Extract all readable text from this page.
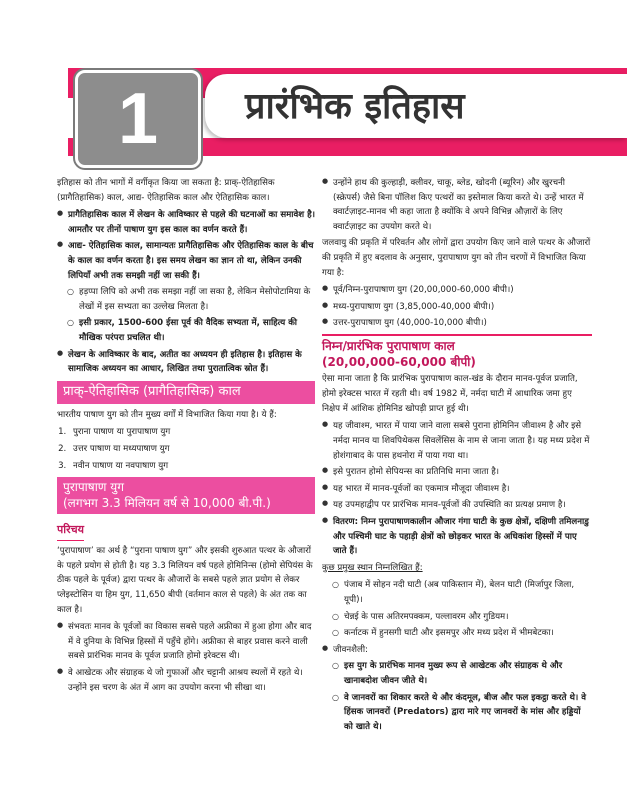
1	प्रारंभिक इतिहास

इतिहास को तीन भागों में वर्गीकृत किया जा सकता है: प्राक्-ऐतिहासिक (प्रागैतिहासिक) काल, आद्य- ऐतिहासिक काल और ऐतिहासिक काल।

● प्रागैतिहासिक काल में लेखन के आविष्कार से पहले की घटनाओं का समावेश है। आमतौर पर तीनों पाषाण युग इस काल का वर्णन करते हैं।
● आद्य- ऐतिहासिक काल, सामान्यतः प्रागैतिहासिक और ऐतिहासिक काल के बीच के काल का वर्णन करता है। इस समय लेखन का ज्ञान तो था, लेकिन उनकी लिपियाँ अभी तक समझी नहीं जा सकी हैं।
○ हड़प्पा लिपि को अभी तक समझा नहीं जा सका है, लेकिन मेसोपोटामिया के लेखों में इस सभ्यता का उल्लेख मिलता है।
○ इसी प्रकार, 1500-600 ईसा पूर्व की वैदिक सभ्यता में, साहित्य की मौखिक परंपरा प्रचलित थी।
● लेखन के आविष्कार के बाद, अतीत का अध्ययन ही इतिहास है। इतिहास के सामाजिक अध्ययन का आधार, लिखित तथा पुरातात्विक स्रोत हैं।
प्राक्-ऐतिहासिक (प्रागैतिहासिक) काल

भारतीय पाषाण युग को तीन मुख्य वर्गों में विभाजित किया गया है। ये हैं:

1. पुराना पाषाण या पुरापाषाण युग
2. उत्तर पाषाण या मध्यपाषाण युग
3. नवीन पाषाण या नवपाषाण युग
पुरापाषाण युग
(लगभग 3.3 मिलियन वर्ष से 10,000 बी.पी.)
परिचय

‘पुरापाषाण’ का अर्थ है “पुराना पाषाण युग” और इसकी शुरुआत पत्थर के औजारों के पहले प्रयोग से होती है। यह 3.3 मिलियन वर्ष पहले होमिनिन्स (होमो सेपियंस के ठीक पहले के पूर्वज) द्वारा पत्थर के औजारों के सबसे पहले ज्ञात प्रयोग से लेकर प्लेइस्टोसिन या हिम युग, 11,650 बीपी (वर्तमान काल से पहले) के अंत तक का काल है।

● संभवतः मानव के पूर्वजों का विकास सबसे पहले अफ्रीका में हुआ होगा और बाद में वे दुनिया के विभिन्न हिस्सों में पहुँचे होंगे। अफ्रीका से बाहर प्रवास करने वाली सबसे प्रारंभिक मानव के पूर्वज प्रजाति होमो इरेक्टस थी।
● वे आखेटक और संग्राहक थे जो गुफाओं और चट्टानी आश्रय स्थलों में रहते थे। उन्होंने इस चरण के अंत में आग का उपयोग करना भी सीखा था।
● उन्होंने हाथ की कुल्हाड़ी, क्लीवर, चाकू, ब्लेड, खोदनी (ब्यूरिन) और खुरचनी (स्क्रेपर्स) जैसे बिना पॉलिश किए पत्थरों का इस्तेमाल किया करते थे। उन्हें भारत में क्वार्टज़ाइट-मानव भी कहा जाता है क्योंकि वे अपने विभिन्न औज़ारों के लिए क्वार्टज़ाइट का उपयोग करते थे।

जलवायु की प्रकृति में परिवर्तन और लोगों द्वारा उपयोग किए जाने वाले पत्थर के औजारों की प्रकृति में हुए बदलाव के अनुसार, पुरापाषाण युग को तीन चरणों में विभाजित किया गया है:

● पूर्व/निम्न-पुरापाषाण युग (20,00,000-60,000 बीपी।)
● मध्य-पुरापाषाण युग (3,85,000-40,000 बीपी।)
● उत्तर-पुरापाषाण युग (40,000-10,000 बीपी।)
निम्न/प्रारंभिक पुरापाषाण काल
(20,00,000-60,000 बीपी)

ऐसा माना जाता है कि प्रारंभिक पुरापाषाण काल-खंड के दौरान मानव-पूर्वज प्रजाति, होमो इरेक्टस भारत में रहती थी। वर्ष 1982 में, नर्मदा घाटी में आधारिक जमा हुए निक्षेप में आंशिक होमिनिड खोपड़ी प्राप्त हुई थी।

● यह जीवाश्म, भारत में पाया जाने वाला सबसे पुराना होमिनिन जीवाश्म है और इसे नर्मदा मानव या शिवपिथेकस सिवलेंसिस के नाम से जाना जाता है। यह मध्य प्रदेश में होशंगाबाद के पास हथनोरा में पाया गया था।
● इसे पुरातन होमो सेपियन्स का प्रतिनिधि माना जाता है।
● यह भारत में मानव-पूर्वजों का एकमात्र मौजूदा जीवाश्म है।
● यह उपमहाद्वीप पर प्रारंभिक मानव-पूर्वजों की उपस्थिति का प्रत्यक्ष प्रमाण है।
● वितरण: निम्न पुरापाषाणकालीन औजार गंगा घाटी के कुछ क्षेत्रों, दक्षिणी तमिलनाडु और पश्चिमी घाट के पहाड़ी क्षेत्रों को छोड़कर भारत के अधिकांश हिस्सों में पाए जाते हैं।

कुछ प्रमुख स्थान निम्नलिखित हैं:

○ पंजाब में सोहन नदी घाटी (अब पाकिस्तान में), बेलन घाटी (मिर्जापुर जिला, यूपी)।
○ चेन्नई के पास अतिरमपक्कम, पल्लावरम और गुडियम।
○ कर्नाटक में हुनसगी घाटी और इसमपुर और मध्य प्रदेश में भीमबेटका।
● जीवनशैली:
○ इस युग के प्रारंभिक मानव मुख्य रूप से आखेटक और संग्राहक थे और खानाबदोश जीवन जीते थे।
○ वे जानवरों का शिकार करते थे और कंदमूल, बीज और फल इकट्ठा करते थे। वे हिंसक जानवरों (Predators) द्वारा मारे गए जानवरों के मांस और हड्डियों को खाते थे।
